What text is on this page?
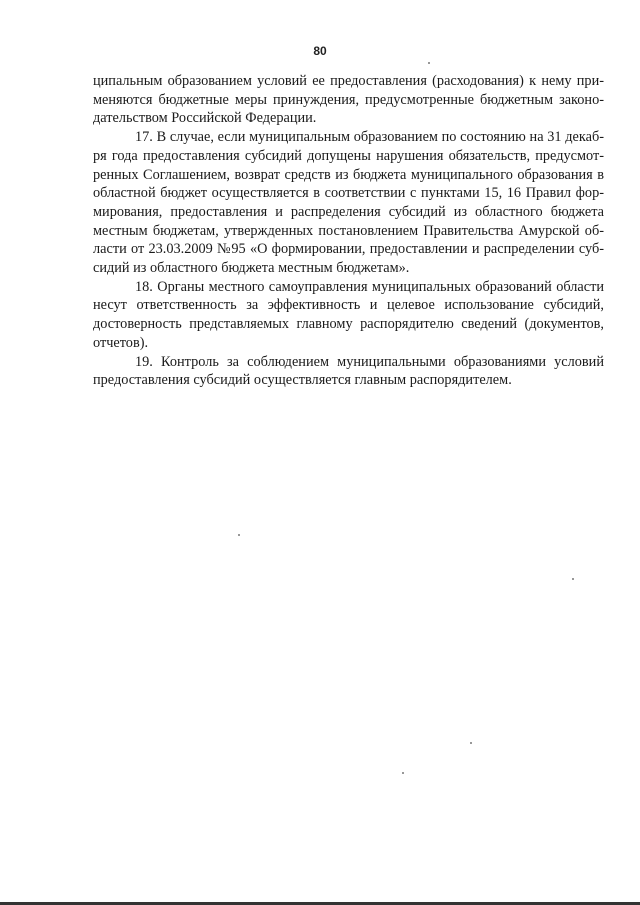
80

ципальным образованием условий ее предоставления (расходования) к нему применяются бюджетные меры принуждения, предусмотренные бюджетным законодательством Российской Федерации.

17. В случае, если муниципальным образованием по состоянию на 31 декабря года предоставления субсидий допущены нарушения обязательств, предусмотренных Соглашением, возврат средств из бюджета муниципального образования в областной бюджет осуществляется в соответствии с пунктами 15, 16 Правил формирования, предоставления и распределения субсидий из областного бюджета местным бюджетам, утвержденных постановлением Правительства Амурской области от 23.03.2009 №95 «О формировании, предоставлении и распределении субсидий из областного бюджета местным бюджетам».

18. Органы местного самоуправления муниципальных образований области несут ответственность за эффективность и целевое использование субсидий, достоверность представляемых главному распорядителю сведений (документов, отчетов).

19. Контроль за соблюдением муниципальными образованиями условий предоставления субсидий осуществляется главным распорядителем.
